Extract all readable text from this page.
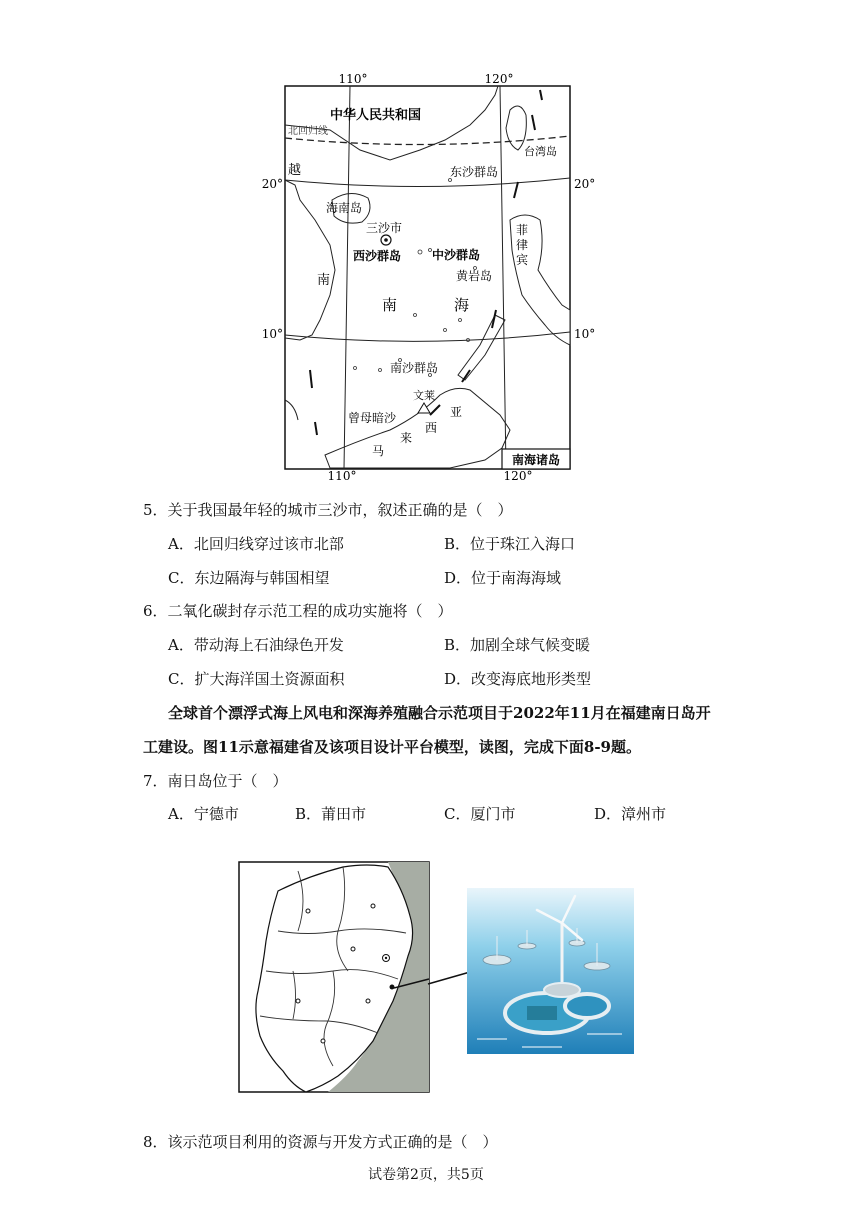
110°	120°
110°	120°
20°
10°
20°
10°
中华人民共和国
北回归线
台湾岛
越	东沙群岛
海南岛
三沙市
西沙群岛	中沙群岛
黄岩岛
菲
律
宾
南
南	海
南沙群岛
文莱
曾母暗沙	亚
西
马
来
南海诸岛
5．关于我国最年轻的城市三沙市，叙述正确的是（　）
A．北回归线穿过该市北部	B．位于珠江入海口
C．东边隔海与韩国相望	D．位于南海海域
6．二氧化碳封存示范工程的成功实施将（　）
A．带动海上石油绿色开发	B．加剧全球气候变暖
C．扩大海洋国土资源面积	D．改变海底地形类型
全球首个漂浮式海上风电和深海养殖融合示范项目于2022年11月在福建南日岛开
工建设。图11示意福建省及该项目设计平台模型，读图，完成下面8-9题。
7．南日岛位于（　）
A．宁德市	B．莆田市	C．厦门市	D．漳州市
8．该示范项目利用的资源与开发方式正确的是（　）
试卷第2页，共5页
